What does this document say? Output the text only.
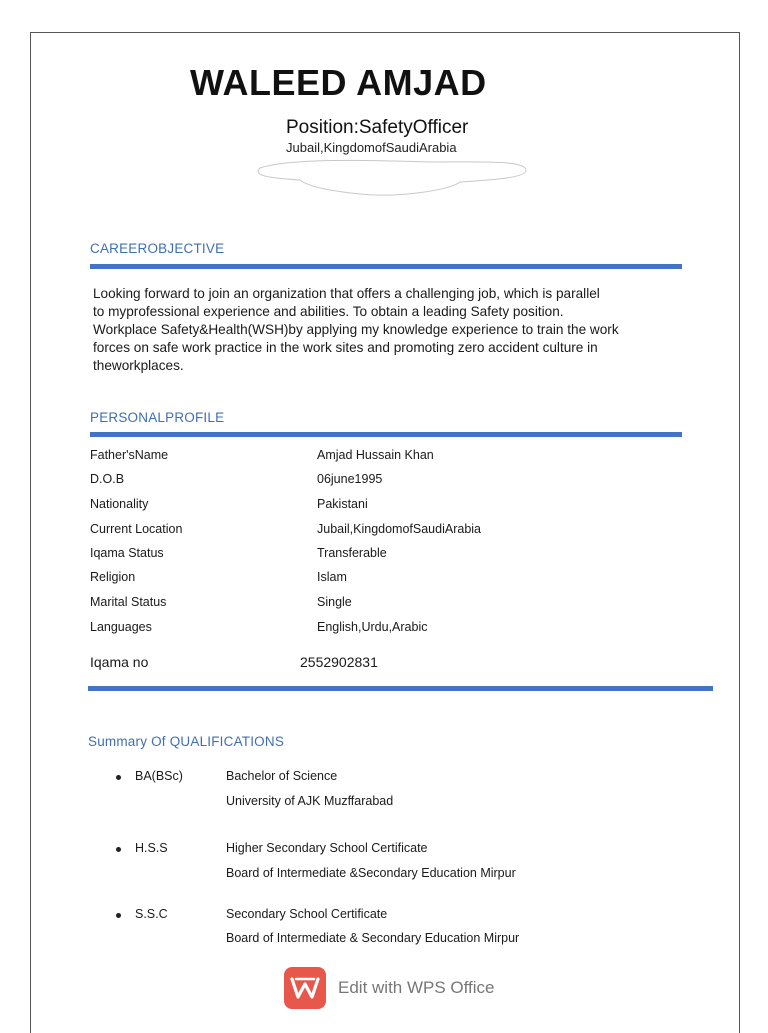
WALEED AMJAD
Position:SafetyOfficer
Jubail,KingdomofSaudiArabia
CAREEROBJECTIVE
Looking forward to join an organization that offers a challenging job, which is parallel
to myprofessional experience and abilities. To obtain a leading Safety position.
Workplace Safety&Health(WSH)by applying my knowledge experience to train the work
forces on safe work practice in the work sites and promoting zero accident culture in
theworkplaces.
PERSONALPROFILE
Father'sName	Amjad Hussain Khan
D.O.B	06june1995
Nationality	Pakistani
Current Location	Jubail,KingdomofSaudiArabia
Iqama Status	Transferable
Religion	Islam
Marital Status	Single
Languages	English,Urdu,Arabic
Iqama no	2552902831
Summary Of QUALIFICATIONS
BA(BSc)	Bachelor of Science
University of AJK Muzffarabad
H.S.S	Higher Secondary School Certificate
Board of Intermediate &Secondary Education Mirpur
S.S.C	Secondary School Certificate
Board of Intermediate & Secondary Education Mirpur
Edit with WPS Office
